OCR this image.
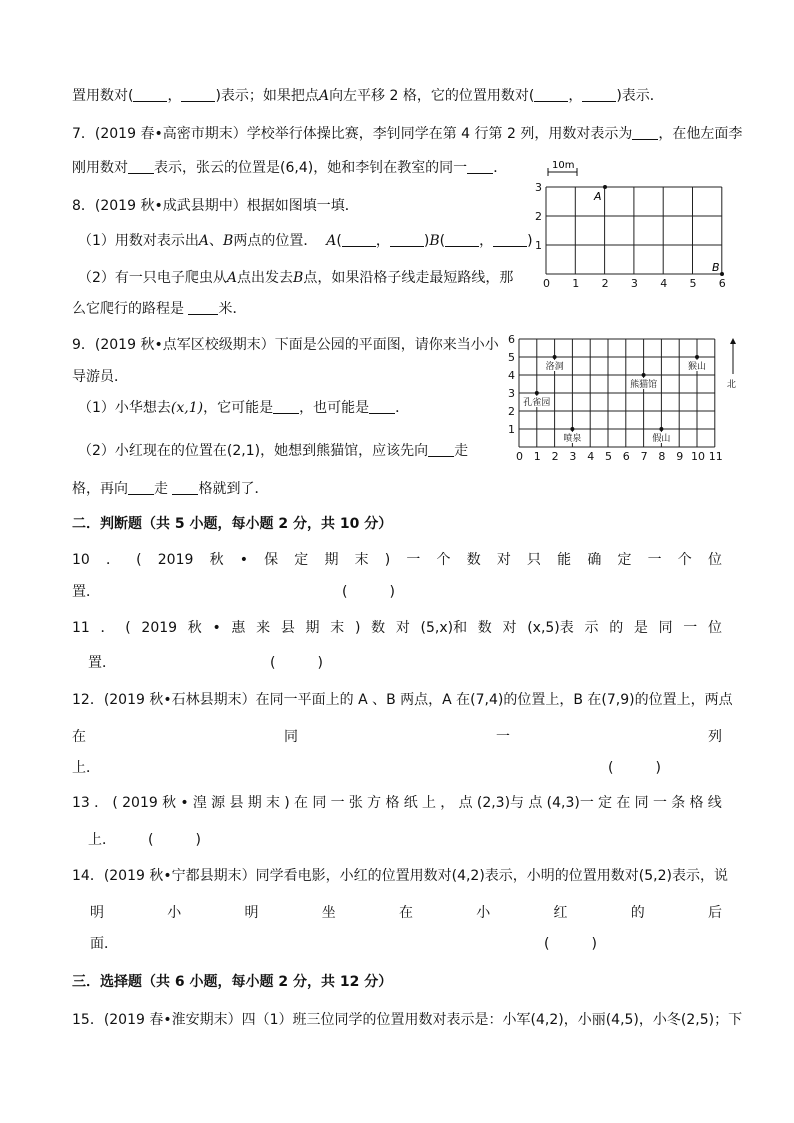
置用数对( ， )表示；如果把点A向左平移 2 格，它的位置用数对( ， )表示．
7．(2019 春•高密市期末）学校举行体操比赛，李钊同学在第 4 行第 2 列，用数对表示为 ，在他左面李
刚用数对 表示，张云的位置是(6,4)，她和李钊在教室的同一 ．
8．(2019 秋•成武县期中）根据如图填一填．
（1）用数对表示出A、B两点的位置． A( ， )B( ， )
（2）有一只电子爬虫从A点出发去B点，如果沿格子线走最短路线，那
么它爬行的路程是 米．
10m
0 1 2 3 4 5 6
1
2
3
A
B
9．(2019 秋•点军区校级期末）下面是公园的平面图，请你来当小小
导游员．
（1）小华想去(x,1)，它可能是 ，也可能是 ．
（2）小红现在的位置在(2,1)，她想到熊猫馆，应该先向 走
格，再向 走 格就到了．
0 1 2 3 4 5 6 7 8 9 10 11
1
2
3
4
5
6
洛洞	猴山
熊猫馆
孔雀园
喷泉	假山
北
二．判断题（共 5 小题，每小题 2 分，共 10 分）
10 ． ( 2019 秋 • 保 定 期 末 ) 一 个 数 对 只 能 确 定 一 个 位
置．	(　　　)
11 ． ( 2019 秋 • 惠 来 县 期 末 ) 数 对 (5,x)和 数 对 (x,5)表 示 的 是 同 一 位
置．	(　　　)
12．(2019 秋•石林县期末）在同一平面上的 A 、B 两点，A 在(7,4)的位置上，B 在(7,9)的位置上，两点
在	同	一	列
上．	(　　　)
13 ． ( 2019 秋 • 湟 源 县 期 末 ) 在 同 一 张 方 格 纸 上 ， 点 (2,3)与 点 (4,3)一 定 在 同 一 条 格 线
上． (　　　)
14．(2019 秋•宁都县期末）同学看电影，小红的位置用数对(4,2)表示，小明的位置用数对(5,2)表示，说
明	小	明	坐	在	小	红	的	后
面．	(　　　)
三．选择题（共 6 小题，每小题 2 分，共 12 分）
15．(2019 春•淮安期末）四（1）班三位同学的位置用数对表示是：小军(4,2)，小丽(4,5)，小冬(2,5)；下
